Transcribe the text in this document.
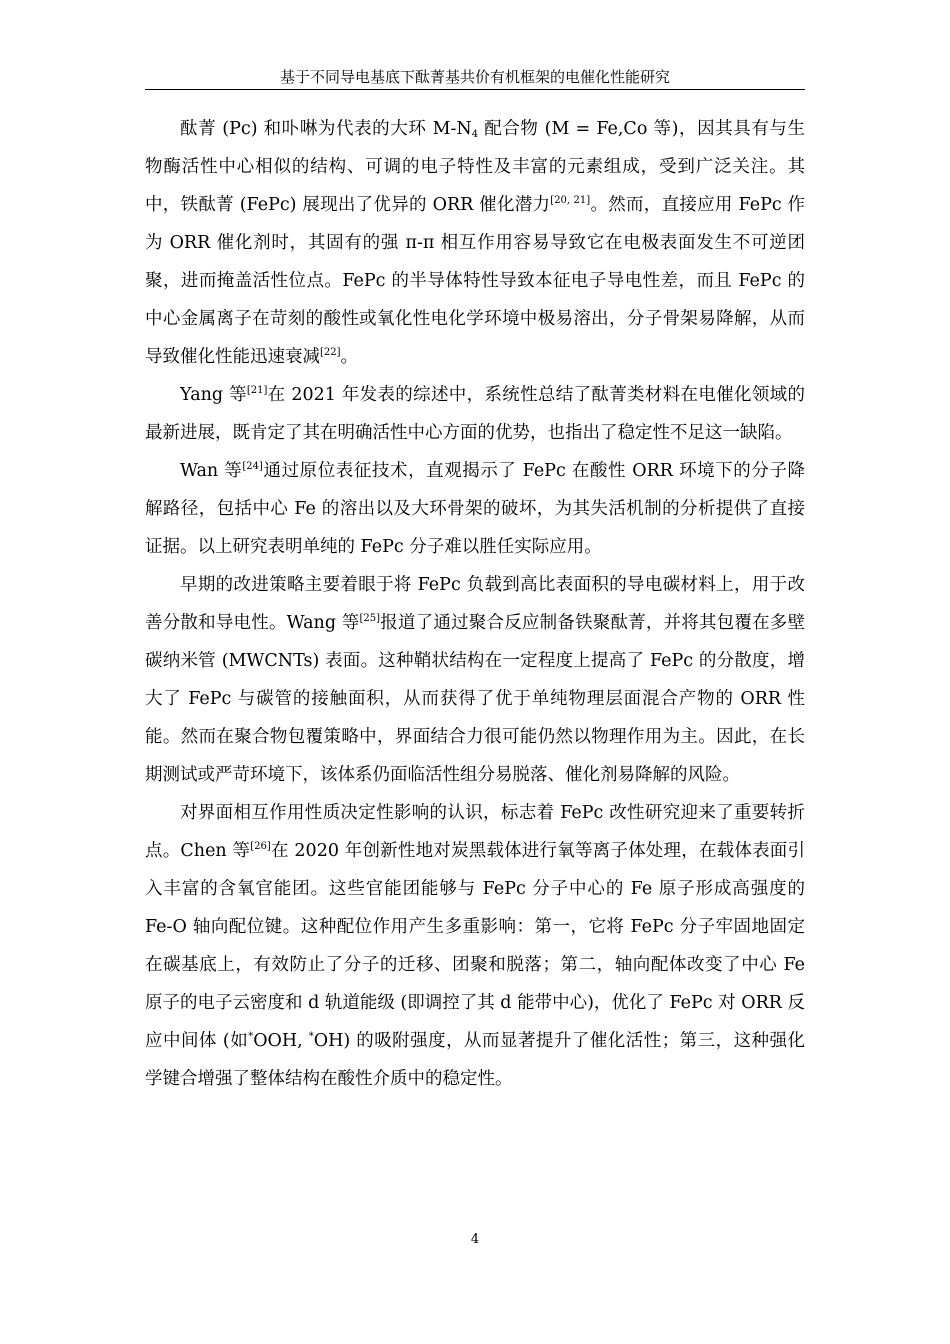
基于不同导电基底下酞菁基共价有机框架的电催化性能研究

酞菁 (Pc) 和卟啉为代表的大环 M-N4 配合物 (M = Fe,Co 等)，因其具有与生物酶活性中心相似的结构、可调的电子特性及丰富的元素组成，受到广泛关注。其中，铁酞菁 (FePc) 展现出了优异的 ORR 催化潜力[20, 21]。然而，直接应用 FePc 作为 ORR 催化剂时，其固有的强 π-π 相互作用容易导致它在电极表面发生不可逆团聚，进而掩盖活性位点。FePc 的半导体特性导致本征电子导电性差，而且 FePc 的中心金属离子在苛刻的酸性或氧化性电化学环境中极易溶出，分子骨架易降解，从而导致催化性能迅速衰减[22]。

Yang 等[21]在 2021 年发表的综述中，系统性总结了酞菁类材料在电催化领域的最新进展，既肯定了其在明确活性中心方面的优势，也指出了稳定性不足这一缺陷。

Wan 等[24]通过原位表征技术，直观揭示了 FePc 在酸性 ORR 环境下的分子降解路径，包括中心 Fe 的溶出以及大环骨架的破坏，为其失活机制的分析提供了直接证据。以上研究表明单纯的 FePc 分子难以胜任实际应用。

早期的改进策略主要着眼于将 FePc 负载到高比表面积的导电碳材料上，用于改善分散和导电性。Wang 等[25]报道了通过聚合反应制备铁聚酞菁，并将其包覆在多壁碳纳米管 (MWCNTs) 表面。这种鞘状结构在一定程度上提高了 FePc 的分散度，增大了 FePc 与碳管的接触面积，从而获得了优于单纯物理层面混合产物的 ORR 性能。然而在聚合物包覆策略中，界面结合力很可能仍然以物理作用为主。因此，在长期测试或严苛环境下，该体系仍面临活性组分易脱落、催化剂易降解的风险。

对界面相互作用性质决定性影响的认识，标志着 FePc 改性研究迎来了重要转折点。Chen 等[26]在 2020 年创新性地对炭黑载体进行氧等离子体处理，在载体表面引入丰富的含氧官能团。这些官能团能够与 FePc 分子中心的 Fe 原子形成高强度的 Fe-O 轴向配位键。这种配位作用产生多重影响：第一，它将 FePc 分子牢固地固定在碳基底上，有效防止了分子的迁移、团聚和脱落；第二，轴向配体改变了中心 Fe 原子的电子云密度和 d 轨道能级 (即调控了其 d 能带中心)，优化了 FePc 对 ORR 反应中间体 (如*OOH, *OH) 的吸附强度，从而显著提升了催化活性；第三，这种强化学键合增强了整体结构在酸性介质中的稳定性。

4
